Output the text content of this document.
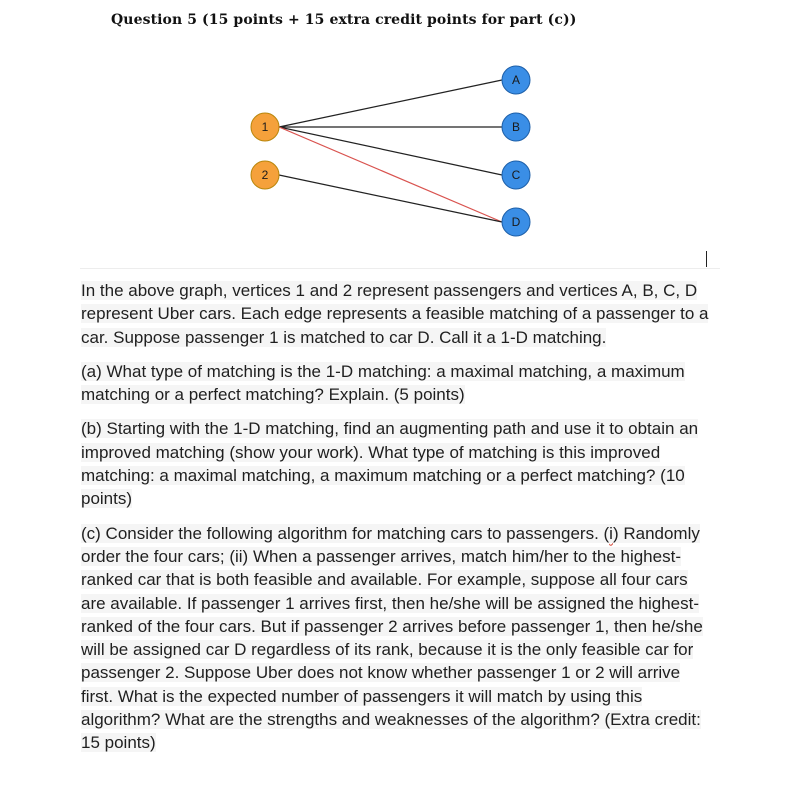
Question 5 (15 points + 15 extra credit points for part (c))
1
2
A
B
C
D

In the above graph, vertices 1 and 2 represent passengers and vertices A, B, C, D represent Uber cars. Each edge represents a feasible matching of a passenger to a car. Suppose passenger 1 is matched to car D. Call it a 1-D matching.

(a) What type of matching is the 1-D matching: a maximal matching, a maximum matching or a perfect matching? Explain. (5 points)

(b) Starting with the 1-D matching, find an augmenting path and use it to obtain an improved matching (show your work). What type of matching is this improved matching: a maximal matching, a maximum matching or a perfect matching? (10 points)

(c) Consider the following algorithm for matching cars to passengers. (i) Randomly order the four cars; (ii) When a passenger arrives, match him/her to the highest-ranked car that is both feasible and available. For example, suppose all four cars are available. If passenger 1 arrives first, then he/she will be assigned the highest-ranked of the four cars. But if passenger 2 arrives before passenger 1, then he/she will be assigned car D regardless of its rank, because it is the only feasible car for passenger 2. Suppose Uber does not know whether passenger 1 or 2 will arrive first. What is the expected number of passengers it will match by using this algorithm? What are the strengths and weaknesses of the algorithm? (Extra credit: 15 points)
